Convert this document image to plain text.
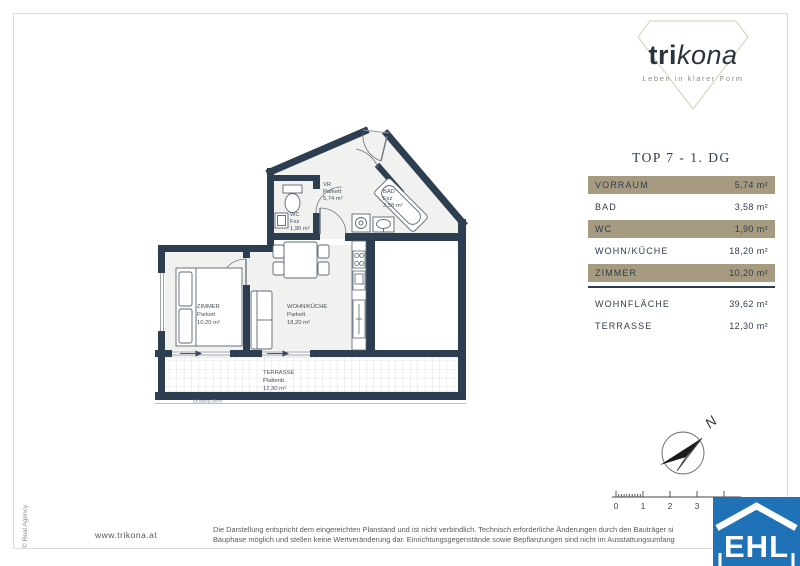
trikona
Leben in klarer Form
TOP 7 - 1. DG
VORRAUM	5,74 m²
BAD	3,58 m²
WC	1,90 m²
WOHN/KÜCHE	18,20 m²
ZIMMER	10,20 m²
WOHNFLÄCHE	39,62 m²
TERRASSE	12,30 m²
VR
Parkett
5,74 m²
BAD
Fsz
3,58 m²
WC
Fsz
1,90 m²
WOHN/KÜCHE
Parkett
18,20 m²
ZIMMER
Parkett
10,20 m²
TERRASSE
Plattenb.
12,30 m²
Brüstung 90cm
N
0	1	2	3
Die Darstellung entspricht dem eingereichten Planstand und ist nicht verbindlich. Technisch erforderliche Änderungen durch den Bauträger si
Bauphase möglich und stellen keine Wertveränderung dar. Einrichtungsgegenstände sowie Bepflanzungen sind nicht im Ausstattungsumfang
www.trikona.at
© Real Agency	EHL
